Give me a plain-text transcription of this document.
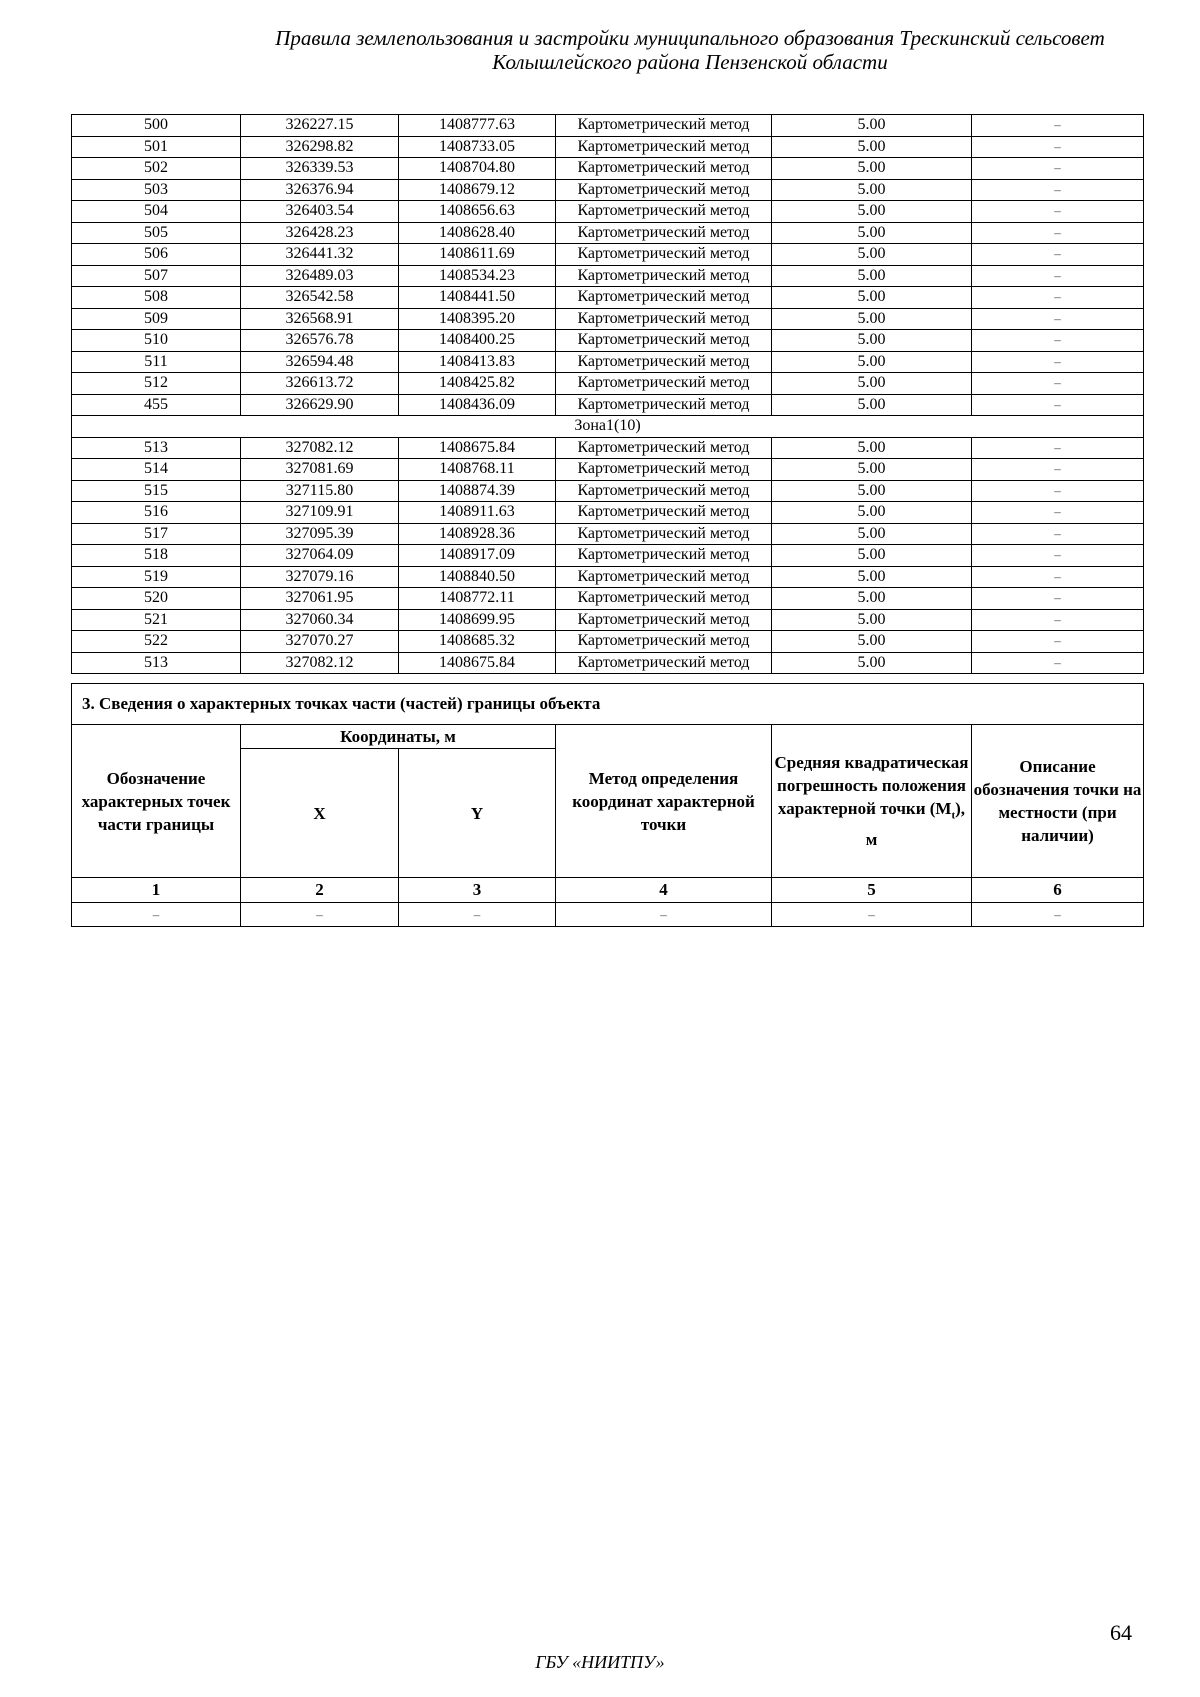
Правила землепользования и застройки муниципального образования Трескинский сельсовет
Колышлейского района Пензенской области
500	326227.15	1408777.63	Картометрический метод	5.00	–
501	326298.82	1408733.05	Картометрический метод	5.00	–
502	326339.53	1408704.80	Картометрический метод	5.00	–
503	326376.94	1408679.12	Картометрический метод	5.00	–
504	326403.54	1408656.63	Картометрический метод	5.00	–
505	326428.23	1408628.40	Картометрический метод	5.00	–
506	326441.32	1408611.69	Картометрический метод	5.00	–
507	326489.03	1408534.23	Картометрический метод	5.00	–
508	326542.58	1408441.50	Картометрический метод	5.00	–
509	326568.91	1408395.20	Картометрический метод	5.00	–
510	326576.78	1408400.25	Картометрический метод	5.00	–
511	326594.48	1408413.83	Картометрический метод	5.00	–
512	326613.72	1408425.82	Картометрический метод	5.00	–
455	326629.90	1408436.09	Картометрический метод	5.00	–
Зона1(10)					
513	327082.12	1408675.84	Картометрический метод	5.00	–
514	327081.69	1408768.11	Картометрический метод	5.00	–
515	327115.80	1408874.39	Картометрический метод	5.00	–
516	327109.91	1408911.63	Картометрический метод	5.00	–
517	327095.39	1408928.36	Картометрический метод	5.00	–
518	327064.09	1408917.09	Картометрический метод	5.00	–
519	327079.16	1408840.50	Картометрический метод	5.00	–
520	327061.95	1408772.11	Картометрический метод	5.00	–
521	327060.34	1408699.95	Картометрический метод	5.00	–
522	327070.27	1408685.32	Картометрический метод	5.00	–
513	327082.12	1408675.84	Картометрический метод	5.00	–
3. Сведения о характерных точках части (частей) границы объекта					
Обозначение характерных точек части границы	Координаты, м		Метод определения координат характерной точки	Средняя квадратическая погрешность положения характерной точки $(M_t)$, м	Описание обозначения точки на местности (при наличии)
	X	Y			
1	2	3	4	5	6
–	–	–	–	–	–
64
ГБУ «НИИТПУ»
